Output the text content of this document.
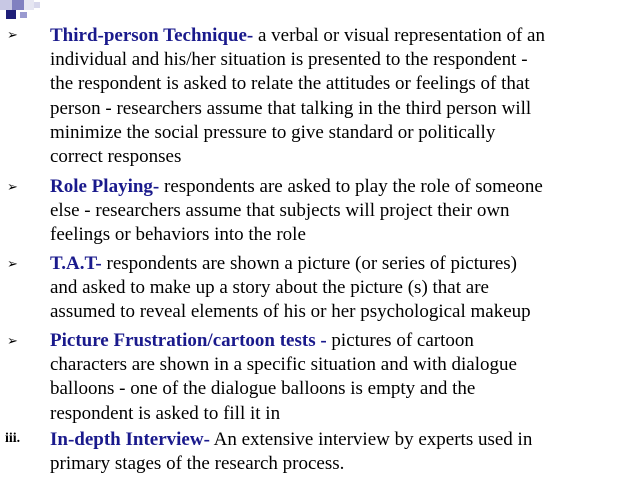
➢ Third-person Technique- a verbal or visual representation of an
individual and his/her situation is presented to the respondent -
the respondent is asked to relate the attitudes or feelings of that
person - researchers assume that talking in the third person will
minimize the social pressure to give standard or politically
correct responses
➢ Role Playing- respondents are asked to play the role of someone
else - researchers assume that subjects will project their own
feelings or behaviors into the role
➢ T.A.T- respondents are shown a picture (or series of pictures)
and asked to make up a story about the picture (s) that are
assumed to reveal elements of his or her psychological makeup
➢ Picture Frustration/cartoon tests - pictures of cartoon
characters are shown in a specific situation and with dialogue
balloons - one of the dialogue balloons is empty and the
respondent is asked to fill it in
iii. In-depth Interview- An extensive interview by experts used in
primary stages of the research process.
